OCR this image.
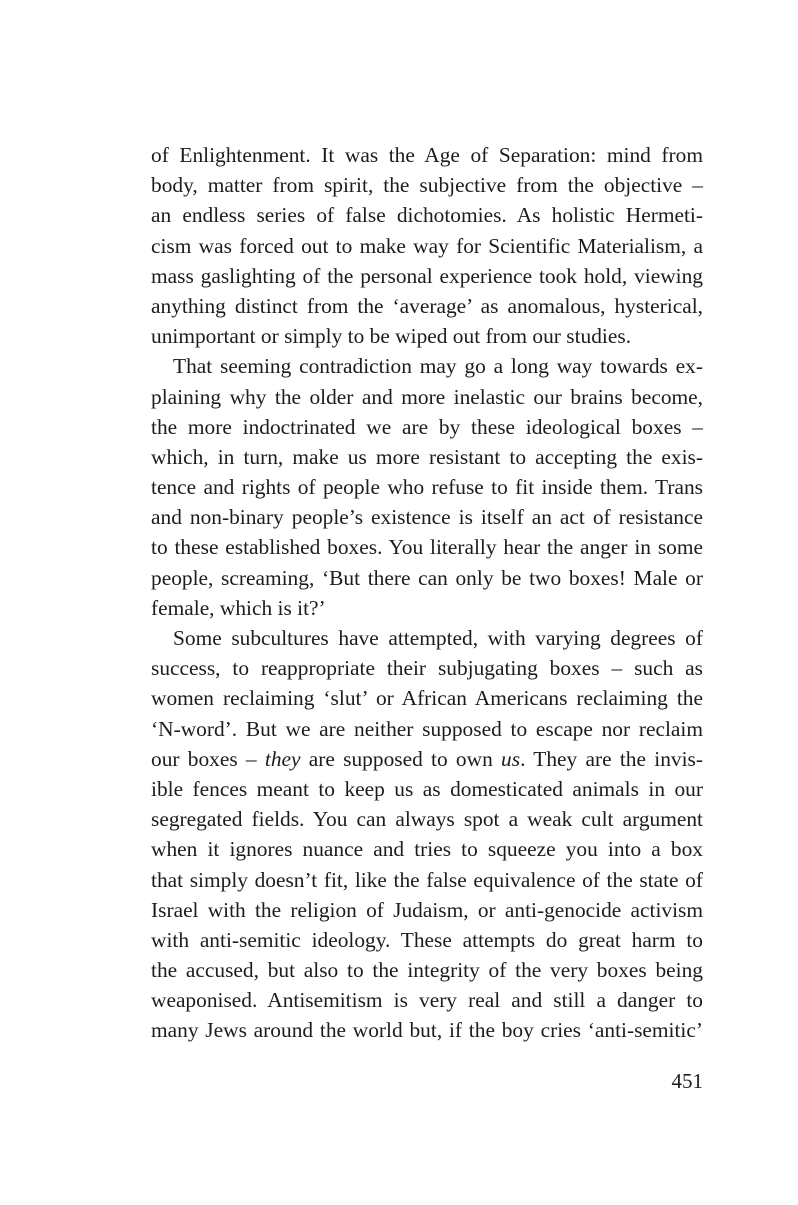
of Enlightenment. It was the Age of Separation: mind from
body, matter from spirit, the subjective from the objective –
an endless series of false dichotomies. As holistic Hermeti-
cism was forced out to make way for Scientific Materialism, a
mass gaslighting of the personal experience took hold, viewing
anything distinct from the ‘average’ as anomalous, hysterical,
unimportant or simply to be wiped out from our studies.
That seeming contradiction may go a long way towards ex-
plaining why the older and more inelastic our brains become,
the more indoctrinated we are by these ideological boxes –
which, in turn, make us more resistant to accepting the exis-
tence and rights of people who refuse to fit inside them. Trans
and non-binary people’s existence is itself an act of resistance
to these established boxes. You literally hear the anger in some
people, screaming, ‘But there can only be two boxes! Male or
female, which is it?’
Some subcultures have attempted, with varying degrees of
success, to reappropriate their subjugating boxes – such as
women reclaiming ‘slut’ or African Americans reclaiming the
‘N-word’. But we are neither supposed to escape nor reclaim
our boxes – they are supposed to own us. They are the invis-
ible fences meant to keep us as domesticated animals in our
segregated fields. You can always spot a weak cult argument
when it ignores nuance and tries to squeeze you into a box
that simply doesn’t fit, like the false equivalence of the state of
Israel with the religion of Judaism, or anti-genocide activism
with anti-semitic ideology. These attempts do great harm to
the accused, but also to the integrity of the very boxes being
weaponised. Antisemitism is very real and still a danger to
many Jews around the world but, if the boy cries ‘anti-semitic’
451
